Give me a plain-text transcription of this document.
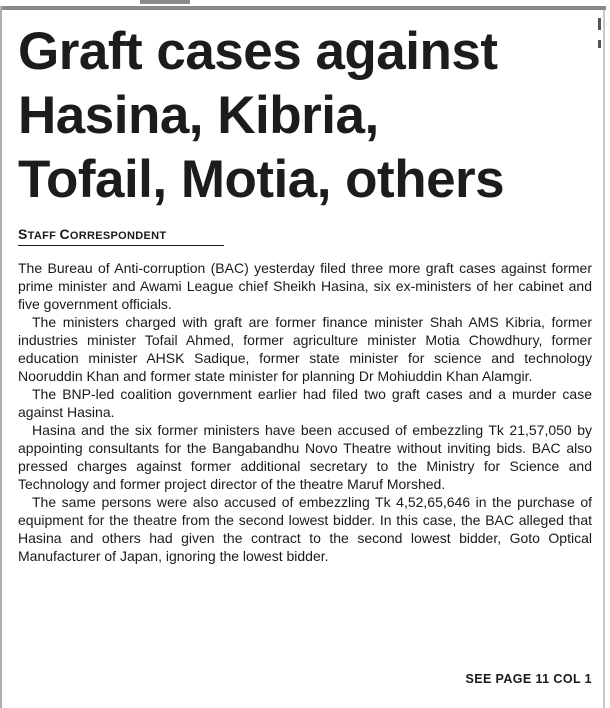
Graft cases against
Hasina, Kibria,
Tofail, Motia, others
STAFF CORRESPONDENT

The Bureau of Anti-corruption (BAC) yesterday filed three more graft cases against former prime minister and Awami League chief Sheikh Hasina, six ex-ministers of her cabinet and five government officials.

The ministers charged with graft are former finance minister Shah AMS Kibria, former industries minister Tofail Ahmed, former agriculture minister Motia Chowdhury, former education minister AHSK Sadique, former state minister for science and technology Nooruddin Khan and former state minister for planning Dr Mohiuddin Khan Alamgir.

The BNP-led coalition government earlier had filed two graft cases and a murder case against Hasina.

Hasina and the six former ministers have been accused of embezzling Tk 21,57,050 by appointing consultants for the Bangabandhu Novo Theatre without inviting bids. BAC also pressed charges against former additional secretary to the Ministry for Science and Technology and former project director of the theatre Maruf Morshed.

The same persons were also accused of embezzling Tk 4,52,65,646 in the purchase of equipment for the theatre from the second lowest bidder. In this case, the BAC alleged that Hasina and others had given the contract to the second lowest bidder, Goto Optical Manufacturer of Japan, ignoring the lowest bidder.

SEE PAGE 11 COL 1
